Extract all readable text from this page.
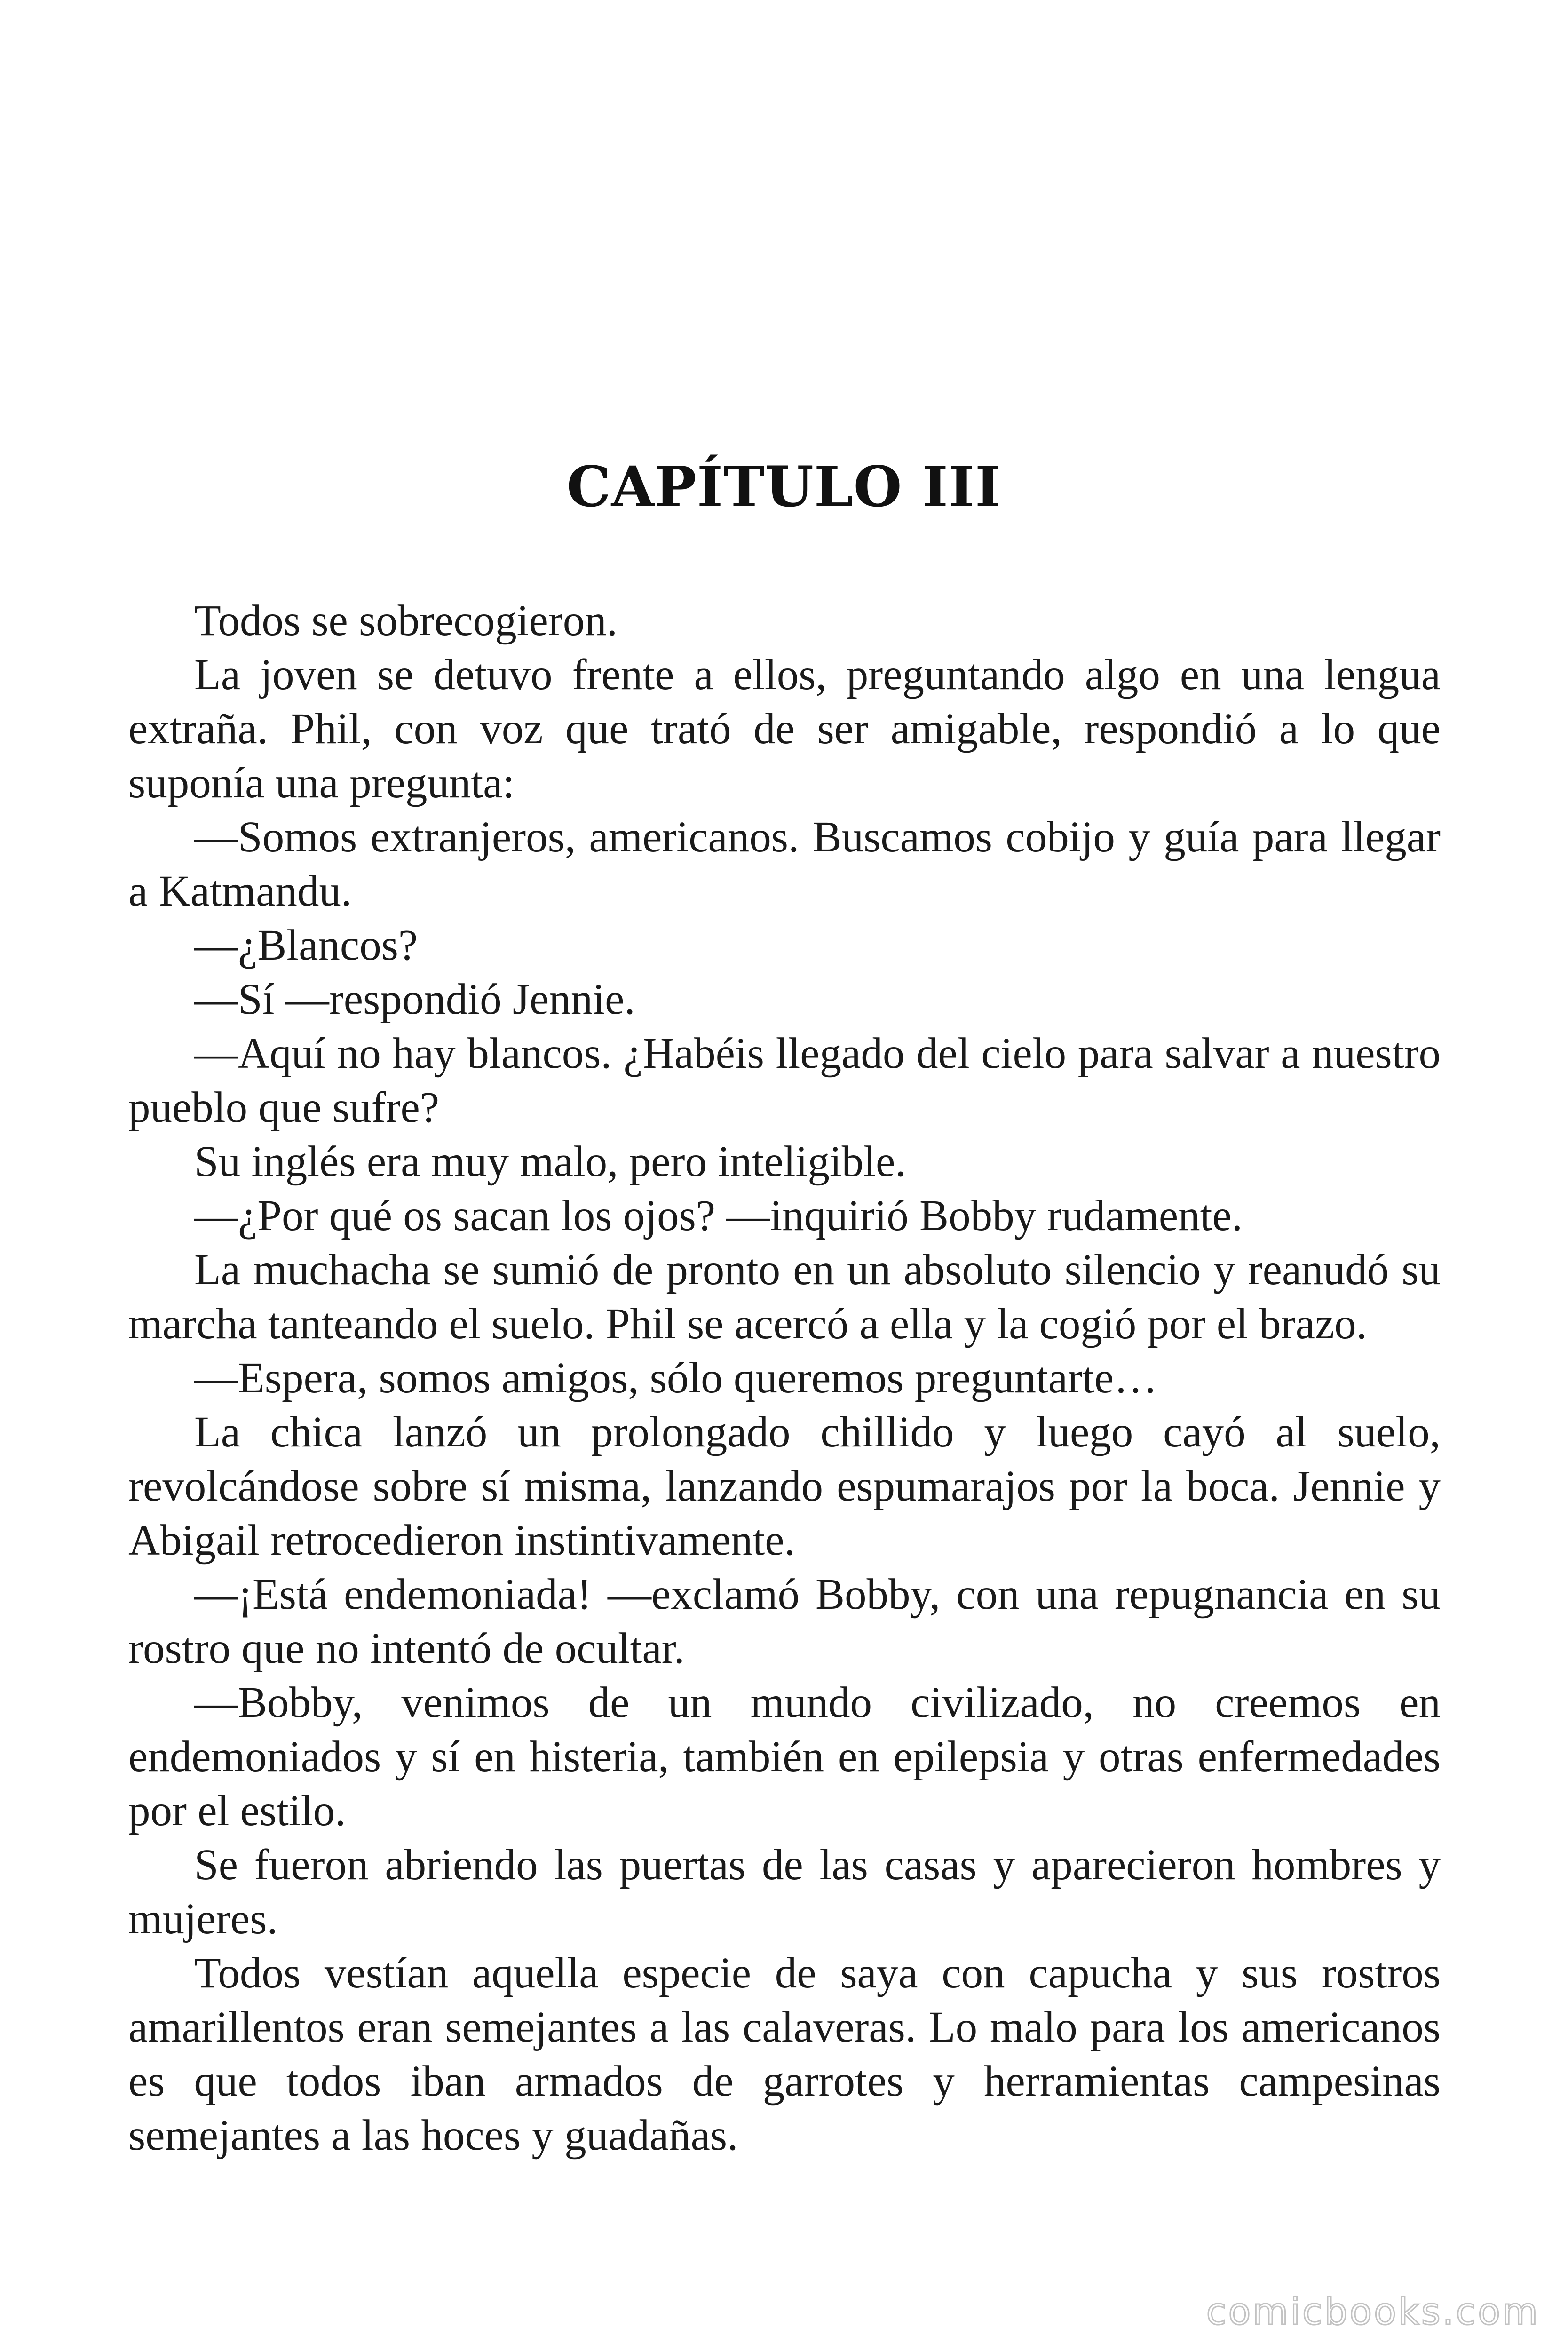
CAPÍTULO III

Todos se sobrecogieron.

La joven se detuvo frente a ellos, preguntando algo en una lengua extraña. Phil, con voz que trató de ser amigable, respondió a lo que suponía una pregunta:

—Somos extranjeros, americanos. Buscamos cobijo y guía para llegar a Katmandu.

—¿Blancos?

—Sí —respondió Jennie.

—Aquí no hay blancos. ¿Habéis llegado del cielo para salvar a nuestro pueblo que sufre?

Su inglés era muy malo, pero inteligible.

—¿Por qué os sacan los ojos? —inquirió Bobby rudamente.

La muchacha se sumió de pronto en un absoluto silencio y reanudó su marcha tanteando el suelo. Phil se acercó a ella y la cogió por el brazo.

—Espera, somos amigos, sólo queremos preguntarte…

La chica lanzó un prolongado chillido y luego cayó al suelo, revolcándose sobre sí misma, lanzando espumarajos por la boca. Jennie y Abigail retrocedieron instintivamente.

—¡Está endemoniada! —exclamó Bobby, con una repugnancia en su rostro que no intentó de ocultar.

—Bobby, venimos de un mundo civilizado, no creemos en endemoniados y sí en histeria, también en epilepsia y otras enfermedades por el estilo.

Se fueron abriendo las puertas de las casas y aparecieron hombres y mujeres.

Todos vestían aquella especie de saya con capucha y sus rostros amarillentos eran semejantes a las calaveras. Lo malo para los americanos es que todos iban armados de garrotes y herramientas campesinas semejantes a las hoces y guadañas.

comicbooks.com
